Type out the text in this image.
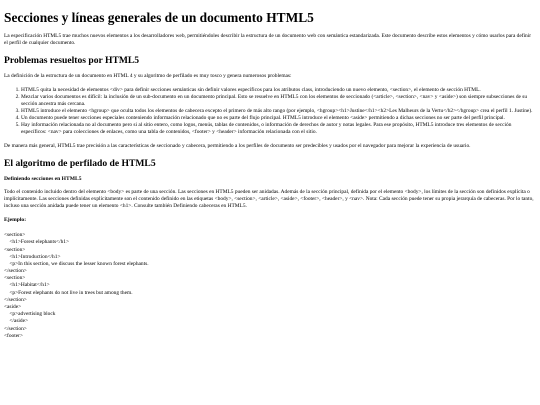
Secciones y líneas generales de un documento HTML5

La especificación HTML5 trae muchos nuevos elementos a los desarrolladores web, permitiéndoles describir la estructura de un documento web con semántica estandarizada. Este documento describe estos elementos y cómo usarlos para definir el perfil de cualquier documento.

Problemas resueltos por HTML5

La definición de la estructura de un documento en HTML 4 y su algoritmo de perfilado es muy tosco y genera numerosos problemas:

1. HTML5 quita la necesidad de elementos <div> para definir secciones semánticas sin definir valores específicos para los atributos class, introduciendo un nuevo elemento, <section>, el elemento de sección HTML.
2. Mezclar varios documentos es difícil: la inclusión de un sub-documento en un documento principal. Esto se resuelve en HTML5 con los elementos de seccionado (<article>, <section>, <nav> y <aside>) son siempre subsecciones de su sección ancestra más cercana.
3. HTML5 introduce el elemento <hgroup> que oculta todos los elementos de cabecera excepto el primero de más alto rango (por ejemplo, <hgroup><h1>Justine</h1><h2>Les Malheurs de la Vertu</h2></hgroup> crea el perfil 1. Justine).
4. Un documento puede tener secciones especiales conteniendo información relacionado que no es parte del flujo principal. HTML5 introduce el elemento <aside> permitiendo a dichas secciones no ser parte del perfil principal.
5. Hay información relacionada no al documento pero si al sitio entero, como logos, menús, tablas de contenidos, o información de derechos de autor y notas legales. Para ese propósito, HTML5 introduce tres elementos de sección específicos: <nav> para colecciones de enlaces, como una tabla de contenidos, <footer> y <header> información relacionada con el sitio.

De manera más general, HTML5 trae precisión a las características de seccionado y cabecera, permitiendo a los perfiles de documento ser predecibles y usados por el navegador para mejorar la experiencia de usuario.

El algoritmo de perfilado de HTML5
Definiendo secciones en HTML5

Todo el contenido incluido dentro del elemento <body> es parte de una sección. Las secciones en HTML5 pueden ser anidadas. Además de la sección principal, definida por el elemento <body>, los límites de la sección son definidos explícita o implícitamente. Las secciones definidas explícitamente son el contenido definido en las etiquetas <body>, <section>, <article>, <aside>, <footer>, <header>, y <nav>. Nota: Cada sección puede tener su propia jerarquía de cabeceras. Por lo tanto, incluso una sección anidada puede tener un elemento <h1>. Consulte también Definiendo cabeceras en HTML5.

Ejemplo:
<section>
<h1>Forest elephants</h1>
<section>
<h1>Introduction</h1>
<p>In this section, we discuss the lesser known forest elephants.
</section>
<section>
<h1>Habitat</h1>
<p>Forest elephants do not live in trees but among them.
</section>
<aside>
<p>advertising block
</aside>
</section>
<footer>
